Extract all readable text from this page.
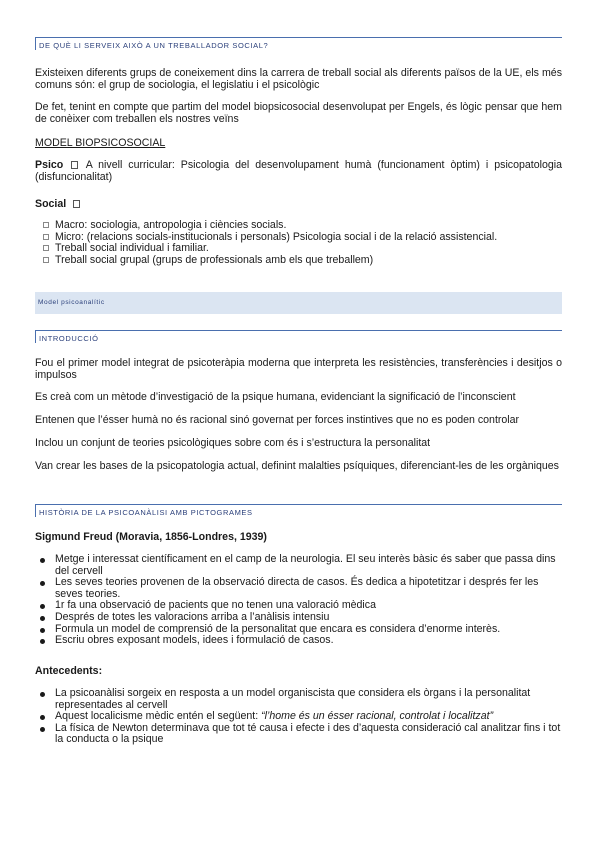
DE QUÈ LI SERVEIX AIXÒ A UN TREBALLADOR SOCIAL?

Existeixen diferents grups de coneixement dins la carrera de treball social als diferents països de la UE, els més comuns són: el grup de sociologia, el legislatiu i el psicològic

De fet, tenint en compte que partim del model biopsicosocial desenvolupat per Engels, és lògic pensar que hem de conèixer com treballen els nostres veïns

MODEL BIOPSICOSOCIAL

Psico A nivell curricular: Psicologia del desenvolupament humà (funcionament òptim) i psicopatologia (disfuncionalitat)

Social
Macro: sociologia, antropologia i ciències socials.
Micro: (relacions socials-institucionals i personals) Psicologia social i de la relació assistencial.
Treball social individual i familiar.
Treball social grupal (grups de professionals amb els que treballem)
Model psicoanalític
INTRODUCCIÓ

Fou el primer model integrat de psicoteràpia moderna que interpreta les resistències, transferències i desitjos o impulsos

Es creà com un mètode d’investigació de la psique humana, evidenciant la significació de l’inconscient

Entenen que l’ésser humà no és racional sinó governat per forces instintives que no es poden controlar

Inclou un conjunt de teories psicològiques sobre com és i s’estructura la personalitat

Van crear les bases de la psicopatologia actual, definint malalties psíquiques, diferenciant-les de les orgàniques

HISTÒRIA DE LA PSICOANÀLISI AMB PICTOGRAMES
Sigmund Freud (Moravia, 1856-Londres, 1939)
Metge i interessat científicament en el camp de la neurologia. El seu interès bàsic és saber que passa dins del cervell
Les seves teories provenen de la observació directa de casos. És dedica a hipotetitzar i després fer les seves teories.
1r fa una observació de pacients que no tenen una valoració mèdica
Després de totes les valoracions arriba a l’anàlisis intensiu
Formula un model de comprensió de la personalitat que encara es considera d’enorme interès.
Escriu obres exposant models, idees i formulació de casos.
Antecedents:
La psicoanàlisi sorgeix en resposta a un model organiscista que considera els òrgans i la personalitat representades al cervell
Aquest localicisme mèdic entén el següent: “l’home és un ésser racional, controlat i localitzat”
La física de Newton determinava que tot té causa i efecte i des d’aquesta consideració cal analitzar fins i tot la conducta o la psique
